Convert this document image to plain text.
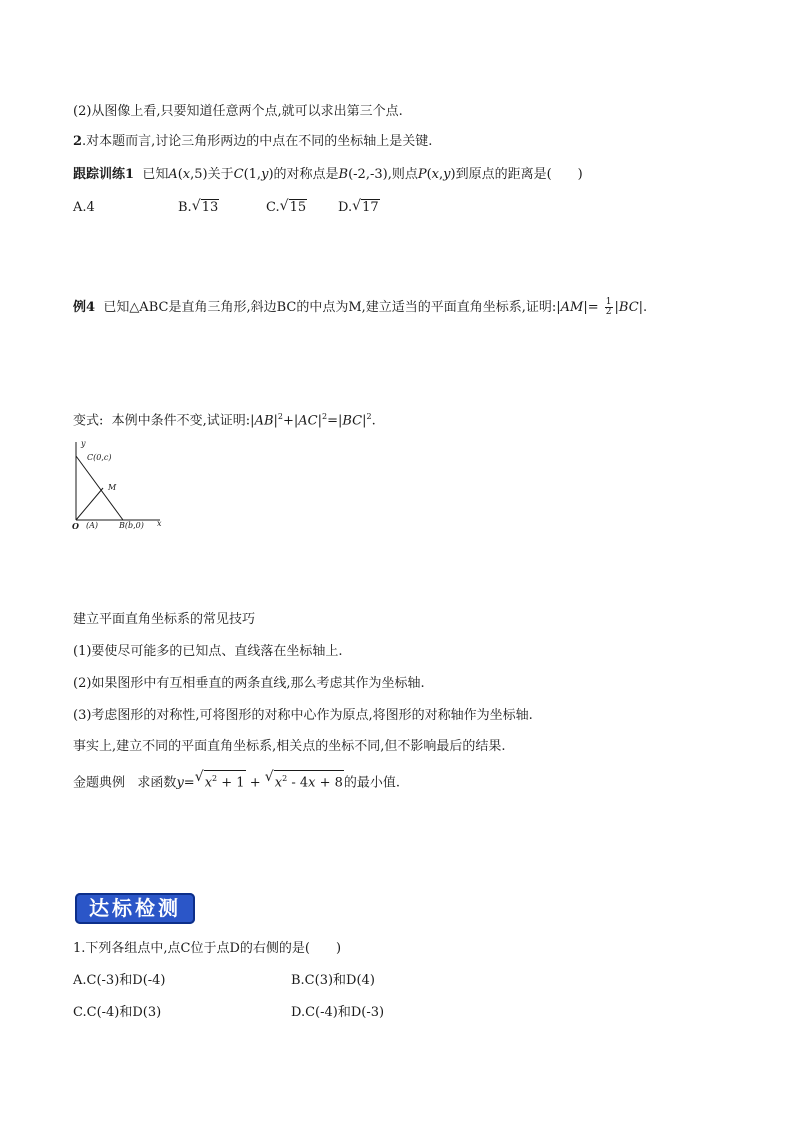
(2)从图像上看,只要知道任意两个点,就可以求出第三个点.
2.对本题而言,讨论三角形两边的中点在不同的坐标轴上是关键.
跟踪训练1 已知A(x,5)关于C(1,y)的对称点是B(-2,-3),则点P(x,y)到原点的距离是(　　)
A.4	B. √ 13	C. √ 15 D. √ 17
例4 已知△ABC是直角三角形,斜边BC的中点为M,建立适当的平面直角坐标系,证明:|AM|= $\frac{1}{2} |BC|$.
变式: 本例中条件不变,试证明$:|AB|^2+|AC|^2=|BC|^2$.
y
C(0,c)
M
O (A)	B(b,0) x
建立平面直角坐标系的常见技巧
(1)要使尽可能多的已知点、直线落在坐标轴上.
(2)如果图形中有互相垂直的两条直线,那么考虑其作为坐标轴.
(3)考虑图形的对称性,可将图形的对称中心作为原点,将图形的对称轴作为坐标轴.
事实上,建立不同的平面直角坐标系,相关点的坐标不同,但不影响最后的结果.
金题典例 求函数y= √ $x^2 + 1$ + √ $x^2 - 4x + 8$的最小值.
达标检测
1.下列各组点中,点C位于点D的右侧的是(　　)
A.C(-3)和D(-4)	B.C(3)和D(4)
C.C(-4)和D(3)	D.C(-4)和D(-3)
